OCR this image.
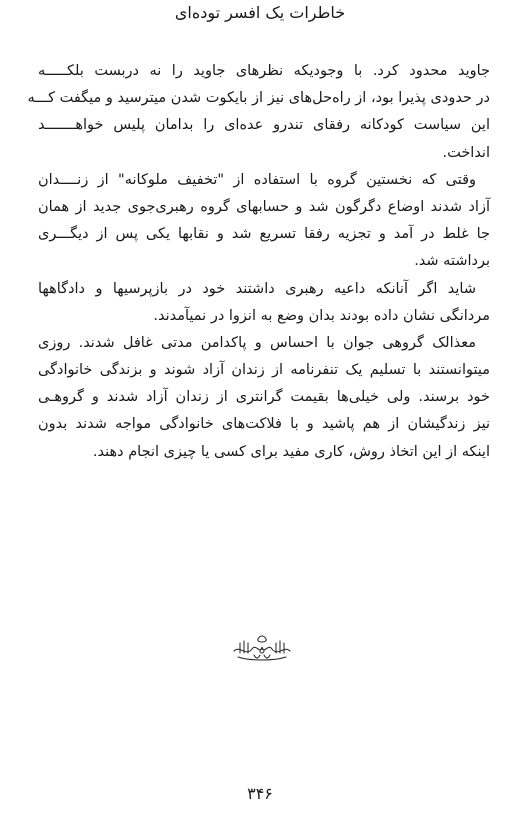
خاطرات یک افسر توده‌ای
جاوید محدود کرد. با وجودیکه نظرهای جاوید را نه دربست بلکـــــه
در حدودی پذیرا بود، از راه‌حل‌های نیز از بایکوت شدن میترسید و میگفت کـــه
این سیاست کودکانه رفقای تندرو عده‌ای را بدامان پلیس خواهـــــــد
انداخت.
وقتی که نخستین گروه با استفاده از "تخفیف ملوکانه" از زنــــدان
آزاد شدند اوضاع دگرگون شد و حسابهای گروه رهبری‌جوی جدید از همان
جا غلط در آمد و تجزیه رفقا تسریع شد و نقابها یکی پس از دیگـــری
برداشته شد.
شاید اگر آنانکه داعیه رهبری داشتند خود در بازپرسیها و دادگاهها
مردانگی نشان داده بودند بدان وضع به انزوا در نمیآمدند.
معذالک گروهی جوان با احساس و پاکدامن مدتی غافل شدند. روزی
میتوانستند با تسلیم یک تنفرنامه از زندان آزاد شوند و بزندگی خانوادگی
خود برسند. ولی خیلی‌ها بقیمت گرانتری از زندان آزاد شدند و گروهـی
نیز زندگیشان از هم پاشید و با فلاکت‌های خانوادگی مواجه شدند بدون
اینکه از این اتخاذ روش، کاری مفید برای کسی یا چیزی انجام دهند.
۳۴۶
